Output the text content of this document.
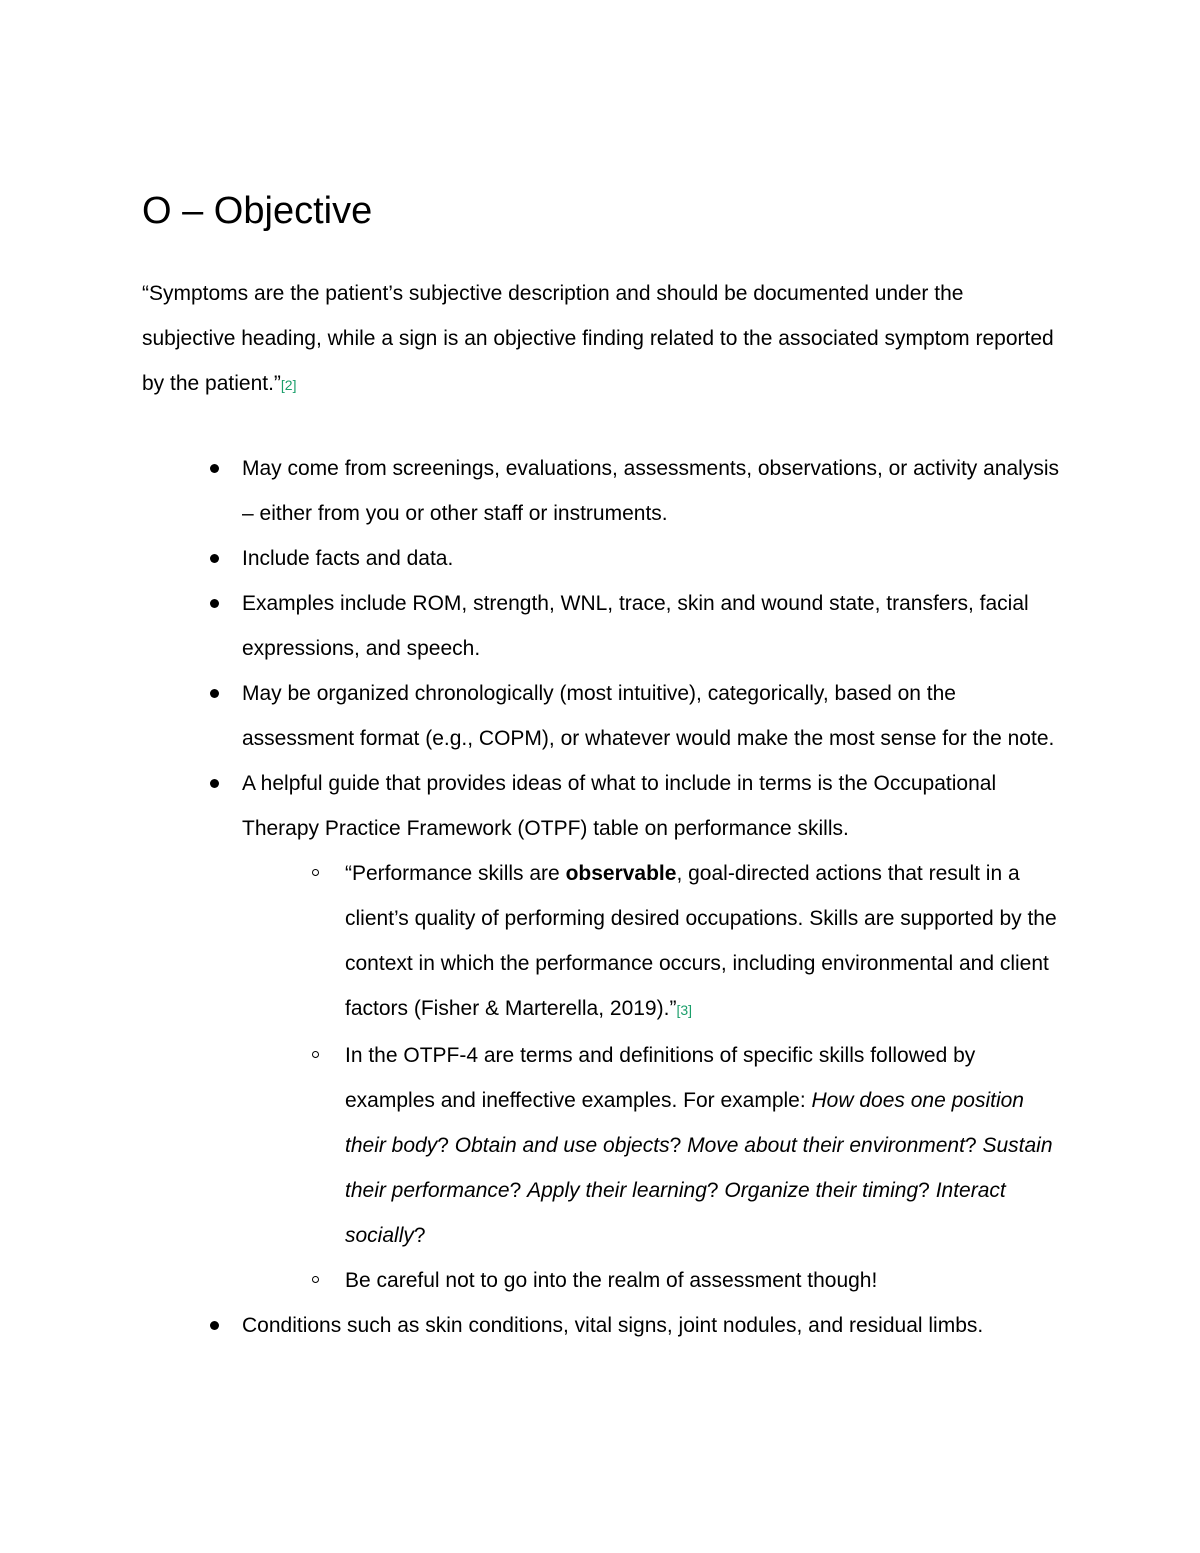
O – Objective

“Symptoms are the patient’s subjective description and should be documented under the subjective heading, while a sign is an objective finding related to the associated symptom reported by the patient.”[2]

May come from screenings, evaluations, assessments, observations, or activity analysis – either from you or other staff or instruments.
Include facts and data.
Examples include ROM, strength, WNL, trace, skin and wound state, transfers, facial expressions, and speech.
May be organized chronologically (most intuitive), categorically, based on the assessment format (e.g., COPM), or whatever would make the most sense for the note.
A helpful guide that provides ideas of what to include in terms is the Occupational Therapy Practice Framework (OTPF) table on performance skills.
“Performance skills are observable, goal-directed actions that result in a client’s quality of performing desired occupations. Skills are supported by the context in which the performance occurs, including environmental and client factors (Fisher & Marterella, 2019).”[3]
In the OTPF-4 are terms and definitions of specific skills followed by examples and ineffective examples. For example: How does one position their body? Obtain and use objects? Move about their environment? Sustain their performance? Apply their learning? Organize their timing? Interact socially?
Be careful not to go into the realm of assessment though!
Conditions such as skin conditions, vital signs, joint nodules, and residual limbs.
